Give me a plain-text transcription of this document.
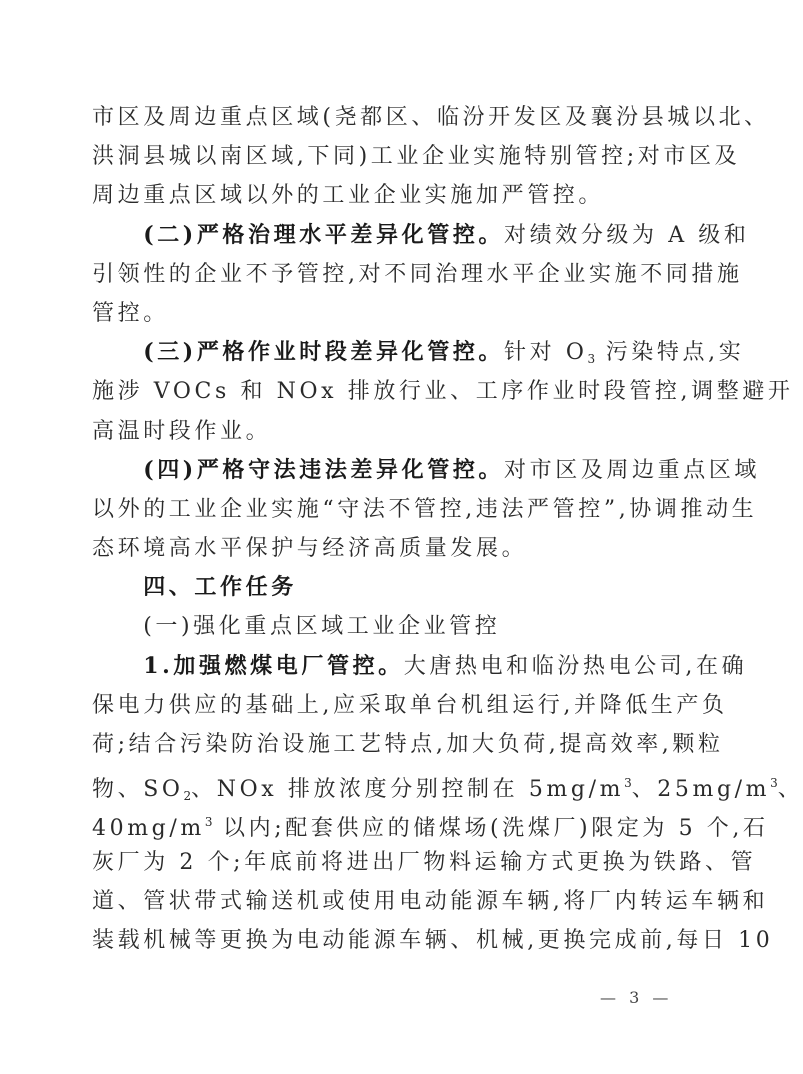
市区及周边重点区域(尧都区、临汾开发区及襄汾县城以北、
洪洞县城以南区域,下同)工业企业实施特别管控;对市区及
周边重点区域以外的工业企业实施加严管控。
　　(二)严格治理水平差异化管控。对绩效分级为 A 级和
引领性的企业不予管控,对不同治理水平企业实施不同措施
管控。
　　(三)严格作业时段差异化管控。针对 $O_3$ 污染特点,实
施涉 VOCs 和 NOx 排放行业、工序作业时段管控,调整避开
高温时段作业。
　　(四)严格守法违法差异化管控。对市区及周边重点区域
以外的工业企业实施“守法不管控,违法严管控”,协调推动生
态环境高水平保护与经济高质量发展。
　　四、工作任务
　　(一)强化重点区域工业企业管控
　　1.加强燃煤电厂管控。大唐热电和临汾热电公司,在确
保电力供应的基础上,应采取单台机组运行,并降低生产负
荷;结合污染防治设施工艺特点,加大负荷,提高效率,颗粒
物、$SO_2$、NOx 排放浓度分别控制在 $5mg/m^3$、$25mg/m^3$、
$40mg/m^3$ 以内;配套供应的储煤场(洗煤厂)限定为 5 个,石
灰厂为 2 个;年底前将进出厂物料运输方式更换为铁路、管
道、管状带式输送机或使用电动能源车辆,将厂内转运车辆和
装载机械等更换为电动能源车辆、机械,更换完成前,每日 10
— 3 —
